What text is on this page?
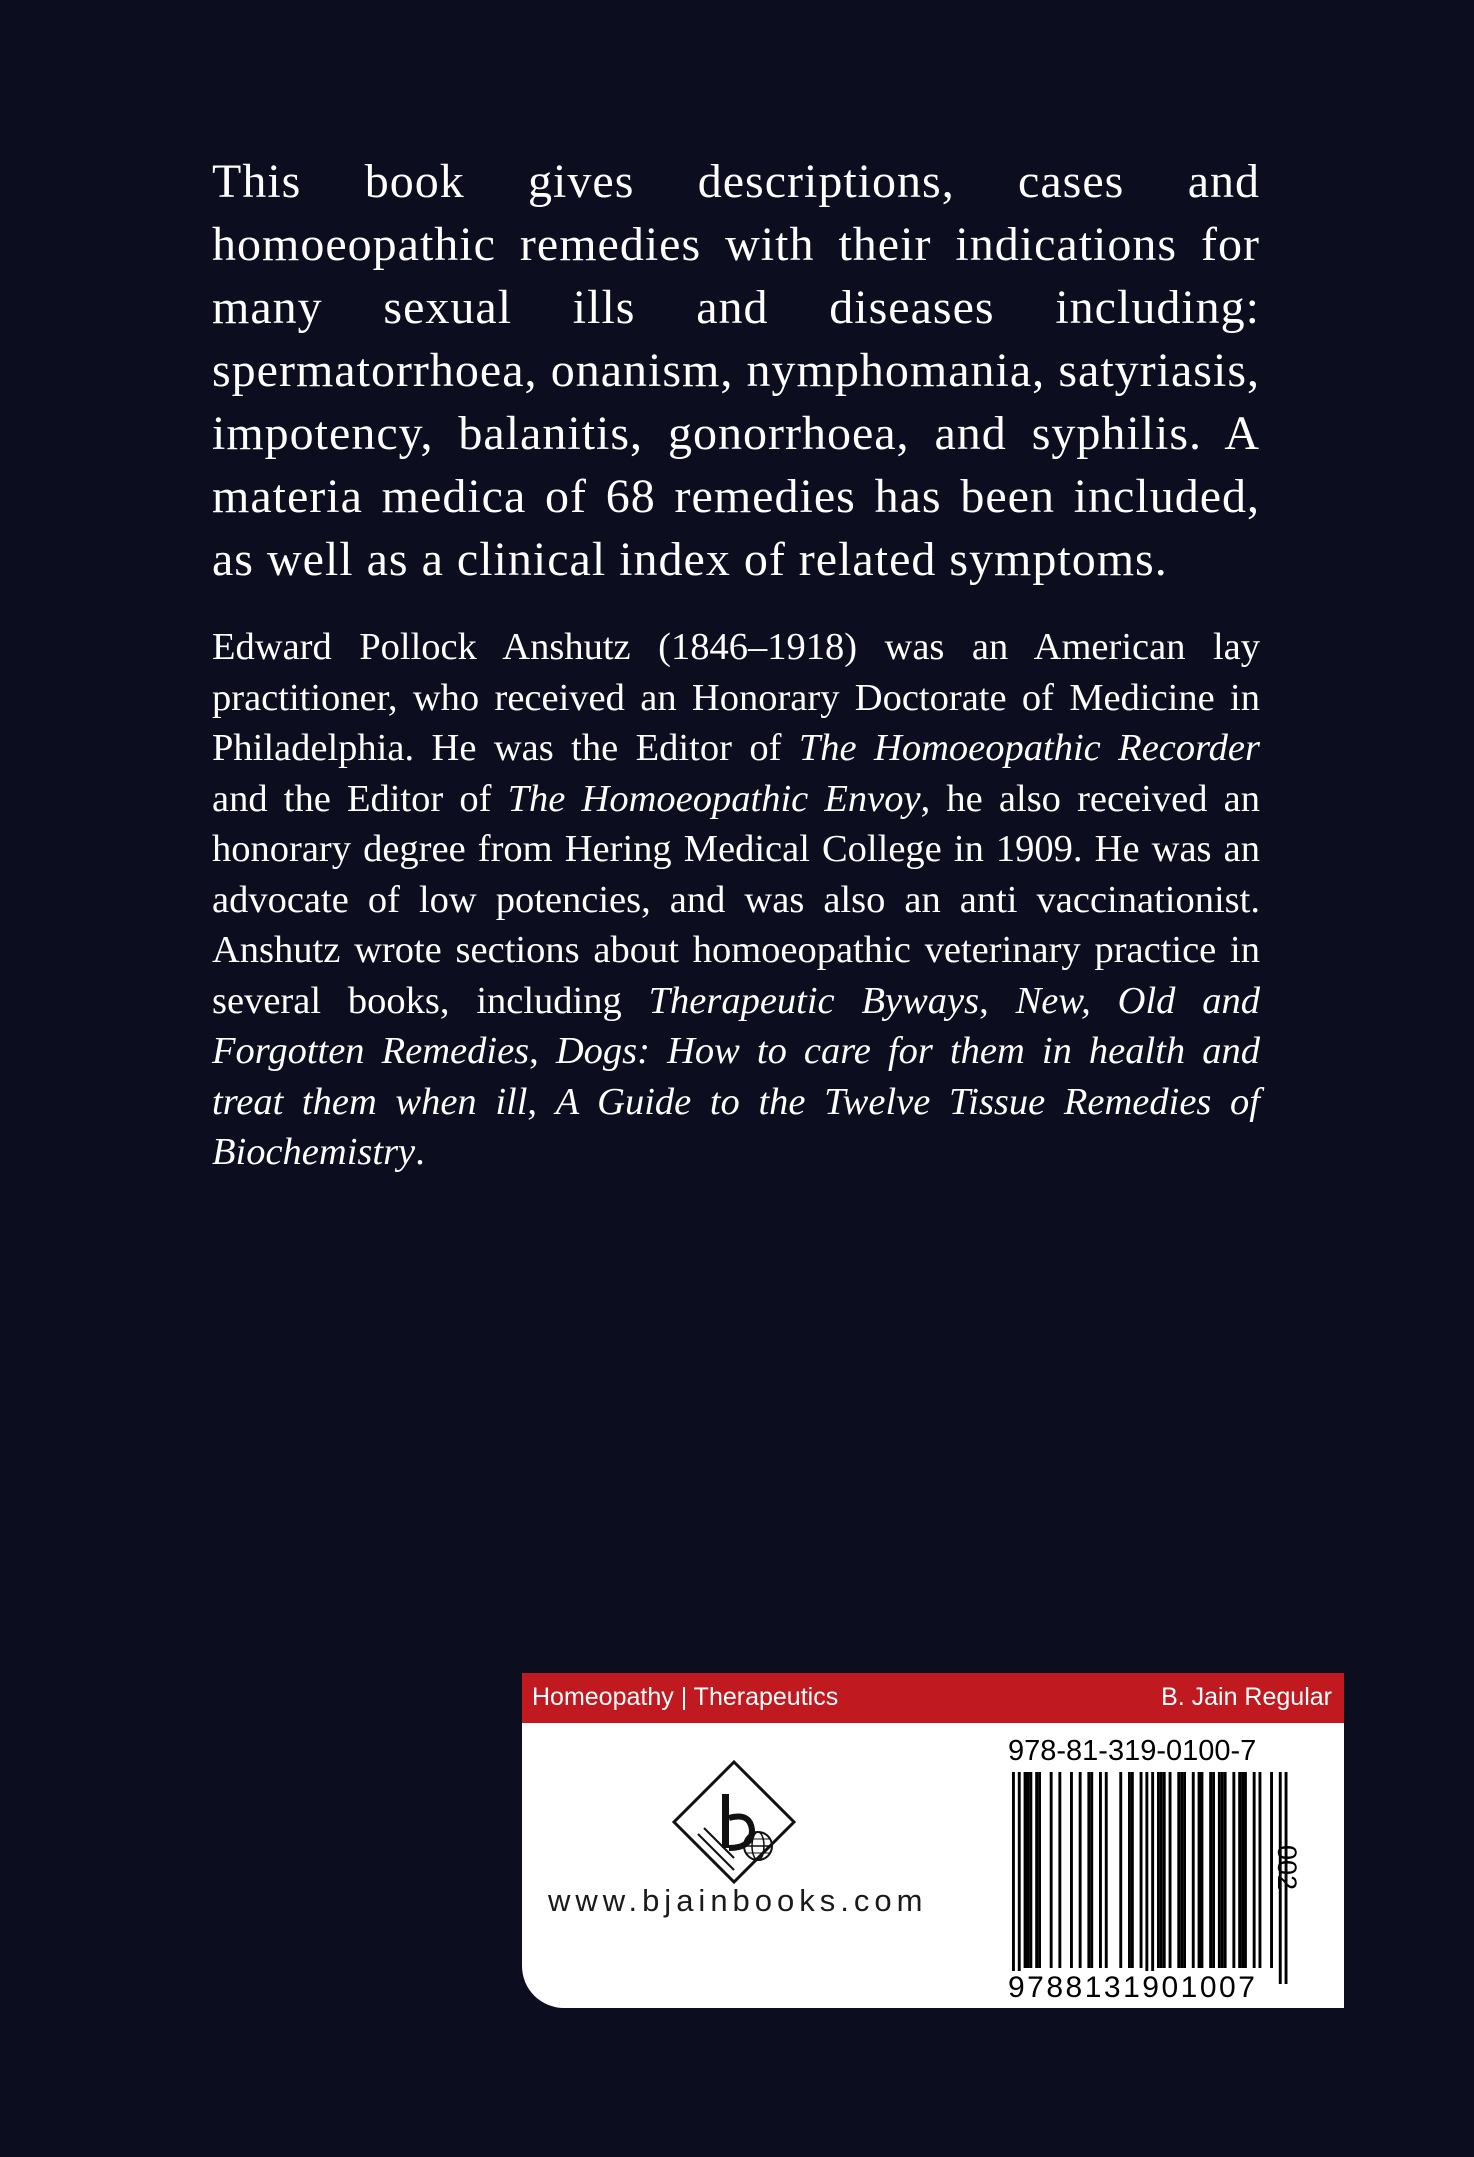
This book gives descriptions, cases and homoeopathic remedies with their indications for many sexual ills and diseases including: spermatorrhoea, onanism, nymphomania, satyriasis, impotency, balanitis, gonorrhoea, and syphilis. A materia medica of 68 remedies has been included, as well as a clinical index of related symptoms.

Edward Pollock Anshutz (1846–1918) was an American lay practitioner, who received an Honorary Doctorate of Medicine in Philadelphia. He was the Editor of The Homoeopathic Recorder and the Editor of The Homoeopathic Envoy, he also received an honorary degree from Hering Medical College in 1909. He was an advocate of low potencies, and was also an anti vaccinationist. Anshutz wrote sections about homoeopathic veterinary practice in several books, including Therapeutic Byways, New, Old and Forgotten Remedies, Dogs: How to care for them in health and treat them when ill, A Guide to the Twelve Tissue Remedies of Biochemistry.

Homeopathy | Therapeutics	B. Jain Regular
www.bjainbooks.com
978-81-319-0100-7
002
9788131901007
